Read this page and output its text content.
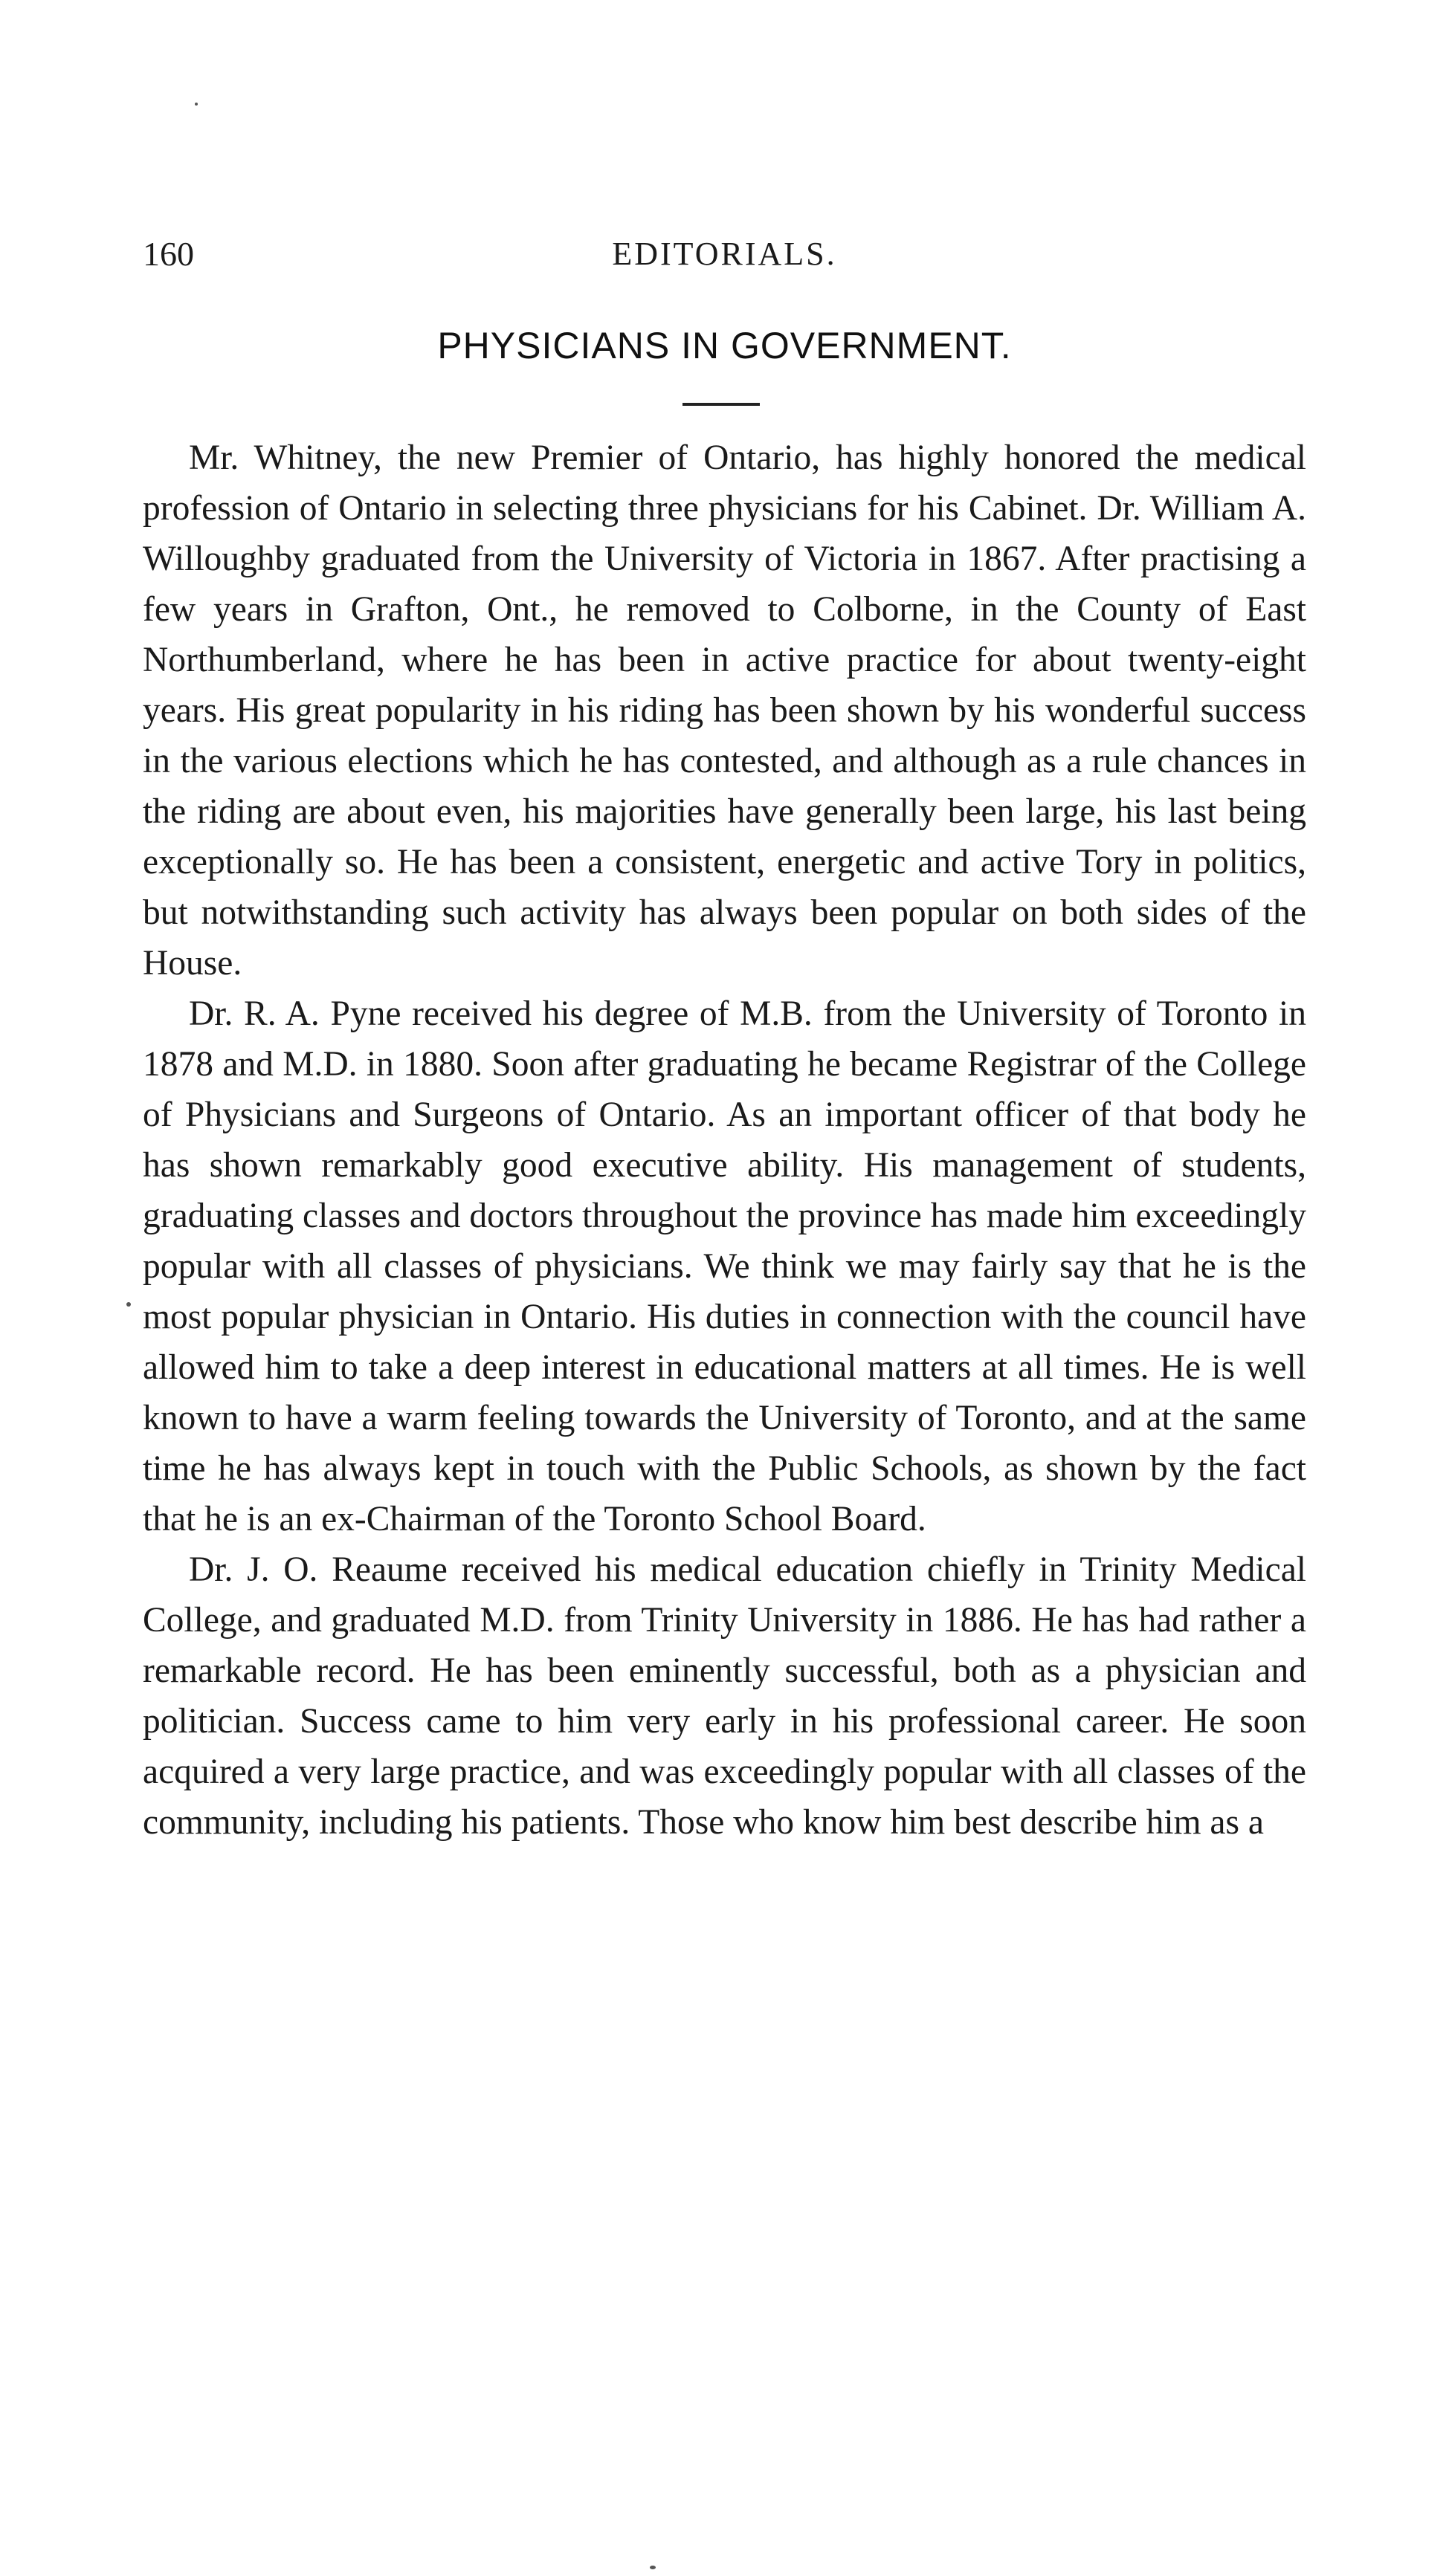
160	EDITORIALS.
PHYSICIANS IN GOVERNMENT.

Mr. Whitney, the new Premier of Ontario, has highly honored the medical profession of Ontario in selecting three physicians for his Cabinet. Dr. William A. Willoughby graduated from the University of Victoria in 1867. After practising a few years in Grafton, Ont., he removed to Colborne, in the County of East Northumberland, where he has been in active practice for about twenty-eight years. His great popularity in his riding has been shown by his wonderful success in the various elections which he has contested, and although as a rule chances in the riding are about even, his majorities have generally been large, his last being exceptionally so. He has been a consistent, energetic and active Tory in politics, but notwithstanding such activity has always been popular on both sides of the House.

Dr. R. A. Pyne received his degree of M.B. from the University of Toronto in 1878 and M.D. in 1880. Soon after graduating he became Registrar of the College of Physicians and Surgeons of Ontario. As an important officer of that body he has shown remarkably good executive ability. His management of students, graduating classes and doctors throughout the province has made him exceedingly popular with all classes of physicians. We think we may fairly say that he is the most popular physician in Ontario. His duties in connection with the council have allowed him to take a deep interest in educational matters at all times. He is well known to have a warm feeling towards the University of Toronto, and at the same time he has always kept in touch with the Public Schools, as shown by the fact that he is an ex-Chairman of the Toronto School Board.

Dr. J. O. Reaume received his medical education chiefly in Trinity Medical College, and graduated M.D. from Trinity University in 1886. He has had rather a remarkable record. He has been eminently successful, both as a physician and politician. Success came to him very early in his professional career. He soon acquired a very large practice, and was exceedingly popular with all classes of the community, including his patients. Those who know him best describe him as a
